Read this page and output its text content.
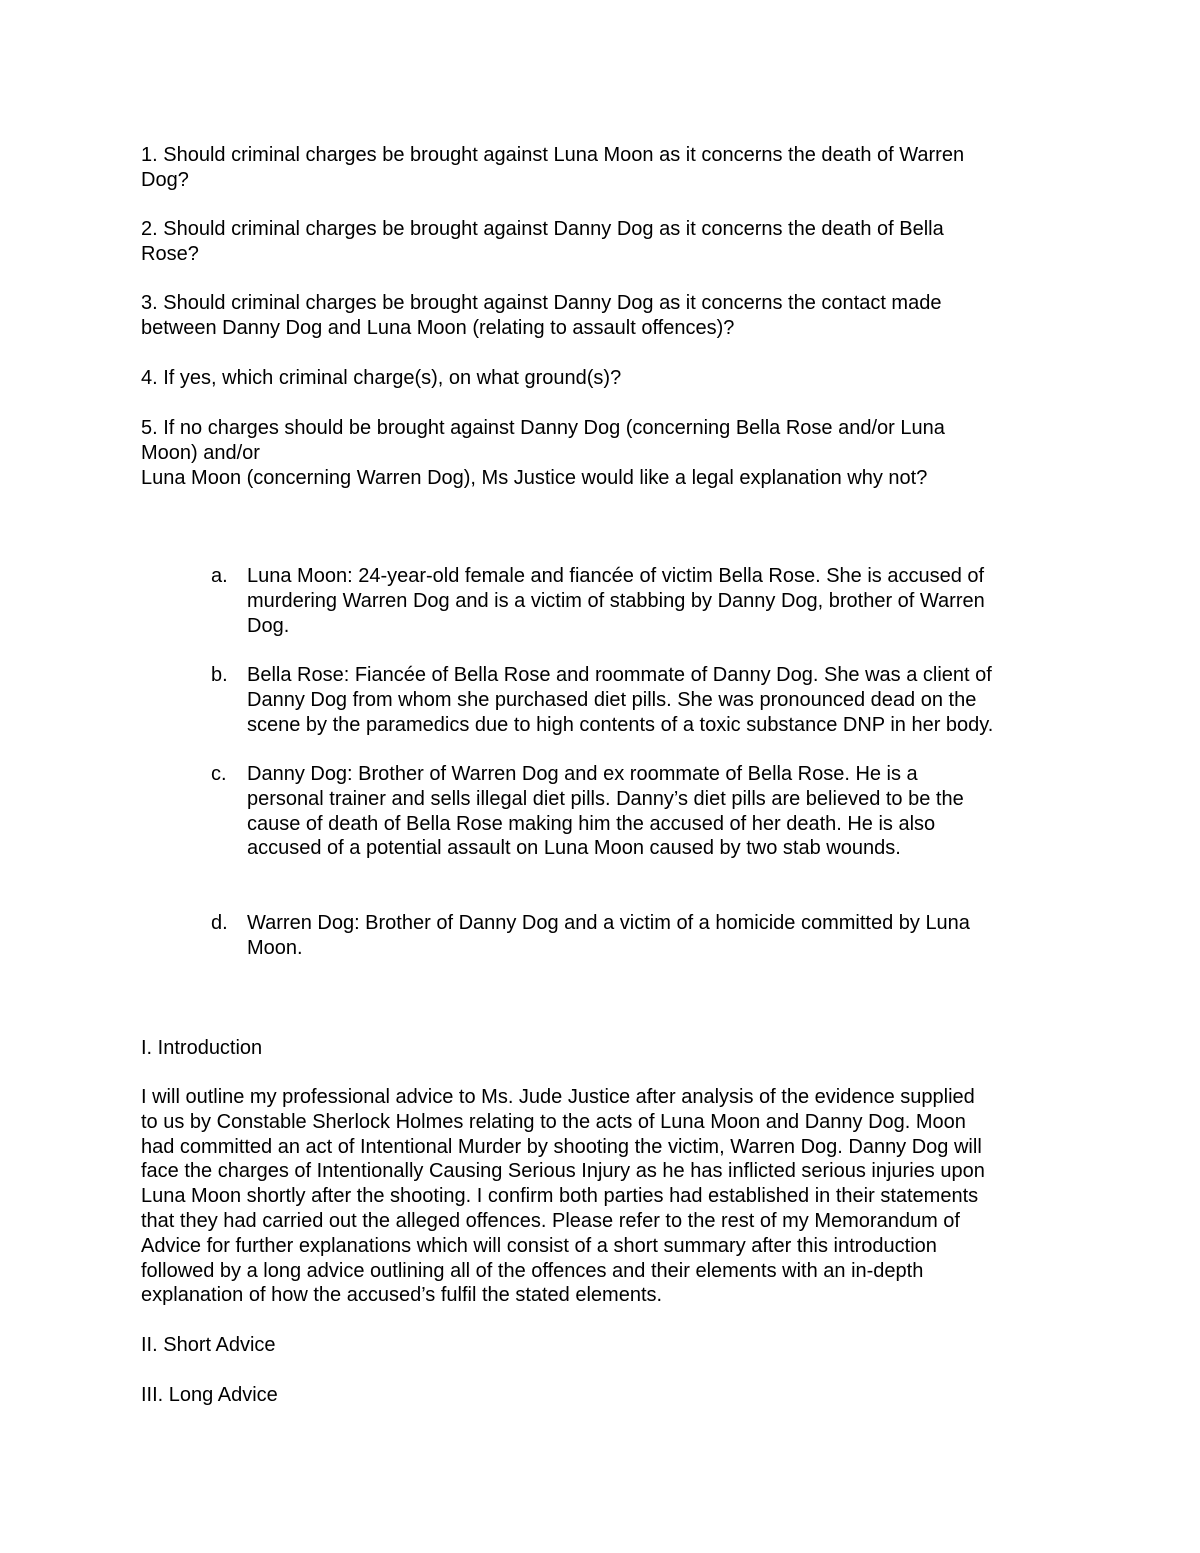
1. Should criminal charges be brought against Luna Moon as it concerns the death of Warren
Dog?

2. Should criminal charges be brought against Danny Dog as it concerns the death of Bella
Rose?

3. Should criminal charges be brought against Danny Dog as it concerns the contact made
between Danny Dog and Luna Moon (relating to assault offences)?

4. If yes, which criminal charge(s), on what ground(s)?

5. If no charges should be brought against Danny Dog (concerning Bella Rose and/or Luna
Moon) and/or
Luna Moon (concerning Warren Dog), Ms Justice would like a legal explanation why not?

a. Luna Moon: 24-year-old female and fiancée of victim Bella Rose. She is accused of
murdering Warren Dog and is a victim of stabbing by Danny Dog, brother of Warren
Dog.

b. Bella Rose: Fiancée of Bella Rose and roommate of Danny Dog. She was a client of
Danny Dog from whom she purchased diet pills. She was pronounced dead on the
scene by the paramedics due to high contents of a toxic substance DNP in her body.

c.	Danny Dog: Brother of Warren Dog and ex roommate of Bella Rose. He is a
personal trainer and sells illegal diet pills. Danny’s diet pills are believed to be the
cause of death of Bella Rose making him the accused of her death. He is also
accused of a potential assault on Luna Moon caused by two stab wounds.

d. Warren Dog: Brother of Danny Dog and a victim of a homicide committed by Luna
Moon.

I. Introduction

I will outline my professional advice to Ms. Jude Justice after analysis of the evidence supplied
to us by Constable Sherlock Holmes relating to the acts of Luna Moon and Danny Dog. Moon
had committed an act of Intentional Murder by shooting the victim, Warren Dog. Danny Dog will
face the charges of Intentionally Causing Serious Injury as he has inflicted serious injuries upon
Luna Moon shortly after the shooting. I confirm both parties had established in their statements
that they had carried out the alleged offences. Please refer to the rest of my Memorandum of
Advice for further explanations which will consist of a short summary after this introduction
followed by a long advice outlining all of the offences and their elements with an in-depth
explanation of how the accused’s fulfil the stated elements.

II. Short Advice

III. Long Advice
